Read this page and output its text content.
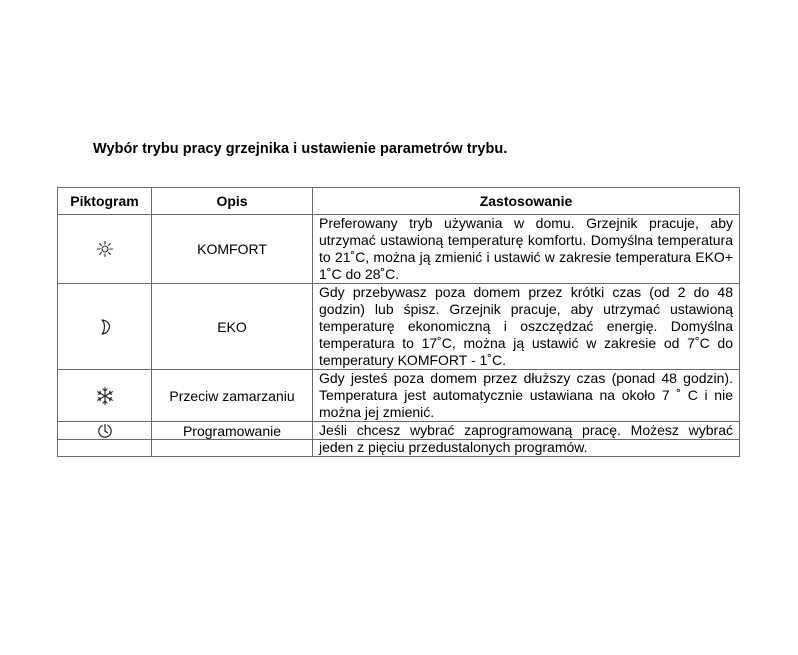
Wybór trybu pracy grzejnika i ustawienie parametrów trybu.
Piktogram	Opis	Zastosowanie
	KOMFORT	Preferowany tryb używania w domu. Grzejnik pracuje, aby utrzymać ustawioną temperaturę komfortu. Domyślna temperatura to 21˚C, można ją zmienić i ustawić w zakresie temperatura EKO+ 1˚C do 28˚C.
	EKO	Gdy przebywasz poza domem przez krótki czas (od 2 do 48 godzin) lub śpisz. Grzejnik pracuje, aby utrzymać ustawioną temperaturę ekonomiczną i oszczędzać energię. Domyślna temperatura to 17˚C, można ją ustawić w zakresie od 7˚C do temperatury KOMFORT - 1˚C.
	Przeciw zamarzaniu	Gdy jesteś poza domem przez dłuższy czas (ponad 48 godzin). Temperatura jest automatycznie ustawiana na około 7 ˚ C i nie można jej zmienić.
	Programowanie	Jeśli chcesz wybrać zaprogramowaną pracę. Możesz wybrać
		jeden z pięciu przedustalonych programów.
